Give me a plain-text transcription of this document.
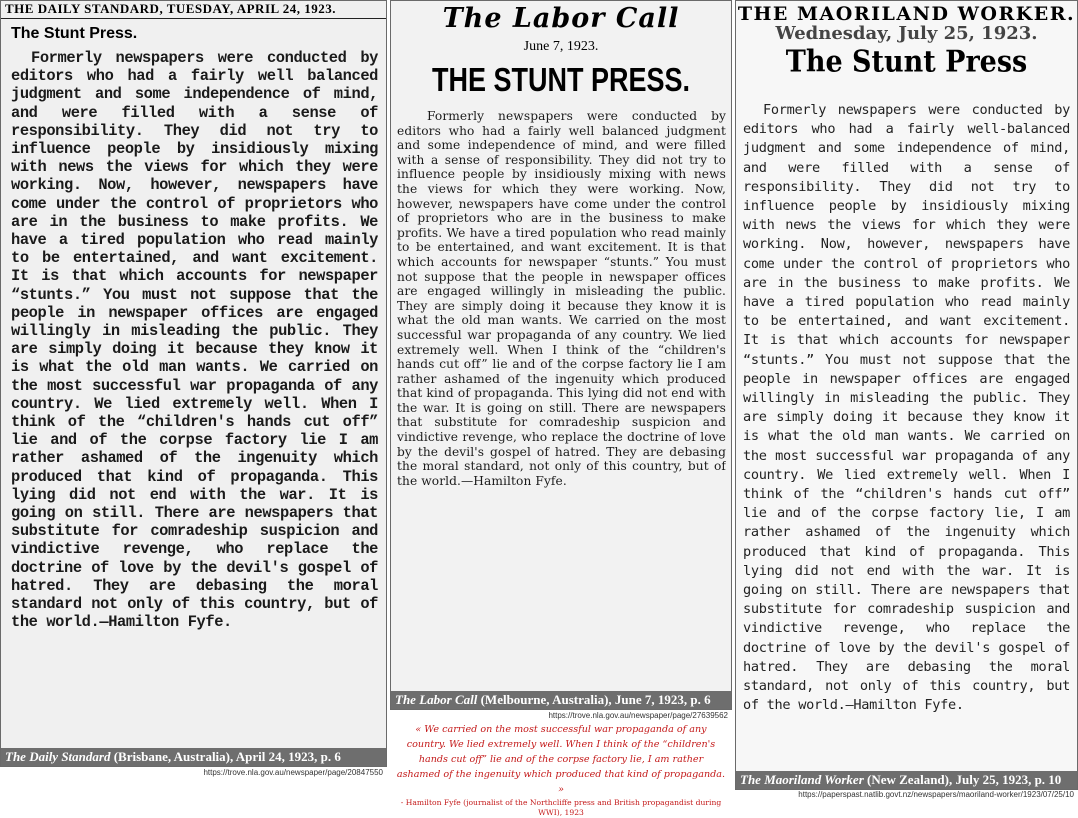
THE DAILY STANDARD, TUESDAY, APRIL 24, 1923.
The Stunt Press.
Formerly newspapers were conducted by editors who had a fairly well balanced judgment and some independence of mind, and were filled with a sense of responsibility. They did not try to influence people by insidiously mixing with news the views for which they were working. Now, however, newspapers have come under the control of proprietors who are in the business to make profits. We have a tired population who read mainly to be entertained, and want excitement. It is that which accounts for newspaper “stunts.” You must not suppose that the people in newspaper offices are engaged willingly in misleading the public. They are simply doing it because they know it is what the old man wants. We carried on the most successful war propaganda of any country. We lied extremely well. When I think of the “children's hands cut off” lie and of the corpse factory lie I am rather ashamed of the ingenuity which produced that kind of propaganda. This lying did not end with the war. It is going on still. There are newspapers that substitute for comradeship suspicion and vindictive revenge, who replace the doctrine of love by the devil's gospel of hatred. They are debasing the moral standard not only of this country, but of the world.—Hamilton Fyfe.
The Daily Standard (Brisbane, Australia), April 24, 1923, p. 6
https://trove.nla.gov.au/newspaper/page/20847550
The Labor Call
June 7, 1923.
THE STUNT PRESS.
Formerly newspapers were conducted by editors who had a fairly well balanced judgment and some independence of mind, and were filled with a sense of responsibility. They did not try to influence people by insidiously mixing with news the views for which they were working. Now, however, newspapers have come under the control of proprietors who are in the business to make profits. We have a tired population who read mainly to be entertained, and want excitement. It is that which accounts for newspaper “stunts.” You must not suppose that the people in newspaper offices are engaged willingly in misleading the public. They are simply doing it because they know it is what the old man wants. We carried on the most successful war propaganda of any country. We lied extremely well. When I think of the “children's hands cut off” lie and of the corpse factory lie I am rather ashamed of the ingenuity which produced that kind of propaganda. This lying did not end with the war. It is going on still. There are newspapers that substitute for comradeship suspicion and vindictive revenge, who replace the doctrine of love by the devil's gospel of hatred. They are debasing the moral standard, not only of this country, but of the world.—Hamilton Fyfe.
The Labor Call (Melbourne, Australia), June 7, 1923, p. 6
https://trove.nla.gov.au/newspaper/page/27639562
« We carried on the most successful war propaganda of any country. We lied extremely well. When I think of the “children's hands cut off” lie and of the corpse factory lie, I am rather ashamed of the ingenuity which produced that kind of propaganda. »
- Hamilton Fyfe (journalist of the Northcliffe press and British propagandist during WWI), 1923
THE MAORILAND WORKER.
Wednesday, July 25, 1923.
The Stunt Press
Formerly newspapers were conducted by editors who had a fairly well-balanced judgment and some independence of mind, and were filled with a sense of responsibility. They did not try to influence people by insidiously mixing with news the views for which they were working. Now, however, newspapers have come under the control of proprietors who are in the business to make profits. We have a tired population who read mainly to be entertained, and want excitement. It is that which accounts for newspaper “stunts.” You must not suppose that the people in newspaper offices are engaged willingly in misleading the public. They are simply doing it because they know it is what the old man wants. We carried on the most successful war propaganda of any country. We lied extremely well. When I think of the “children's hands cut off” lie and of the corpse factory lie, I am rather ashamed of the ingenuity which produced that kind of propaganda. This lying did not end with the war. It is going on still. There are newspapers that substitute for comradeship suspicion and vindictive revenge, who replace the doctrine of love by the devil's gospel of hatred. They are debasing the moral standard, not only of this country, but of the world.—Hamilton Fyfe.
The Maoriland Worker (New Zealand), July 25, 1923, p. 10
https://paperspast.natlib.govt.nz/newspapers/maoriland-worker/1923/07/25/10
